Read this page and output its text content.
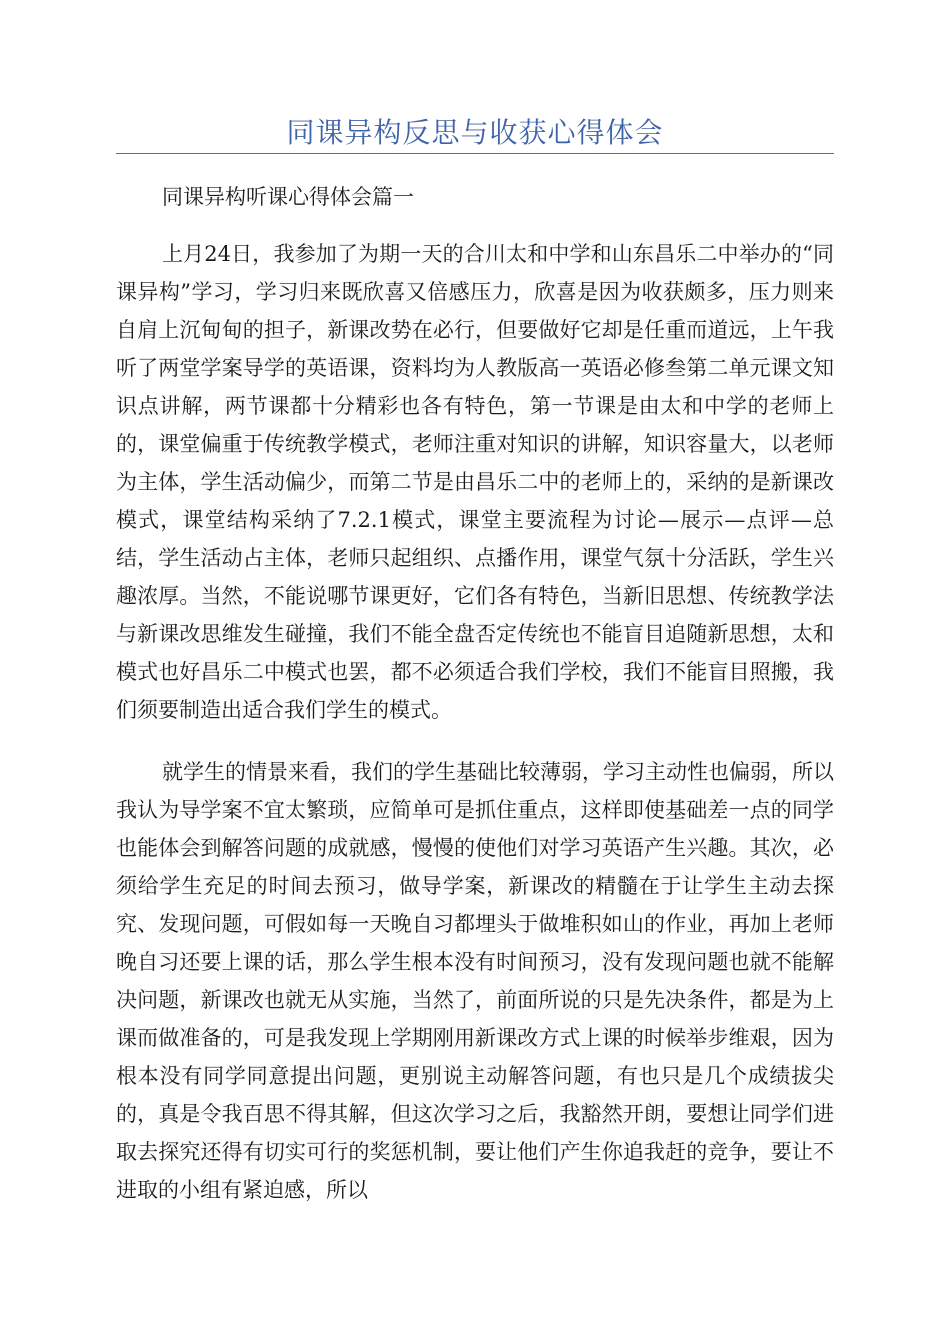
同课异构反思与收获心得体会

同课异构听课心得体会篇一

上月24日，我参加了为期一天的合川太和中学和山东昌乐二中举办的“同课异构”学习，学习归来既欣喜又倍感压力，欣喜是因为收获颇多，压力则来自肩上沉甸甸的担子，新课改势在必行，但要做好它却是任重而道远，上午我听了两堂学案导学的英语课，资料均为人教版高一英语必修叁第二单元课文知识点讲解，两节课都十分精彩也各有特色，第一节课是由太和中学的老师上的，课堂偏重于传统教学模式，老师注重对知识的讲解，知识容量大，以老师为主体，学生活动偏少，而第二节是由昌乐二中的老师上的，采纳的是新课改模式，课堂结构采纳了7.2.1模式，课堂主要流程为讨论—展示—点评—总结，学生活动占主体，老师只起组织、点播作用，课堂气氛十分活跃，学生兴趣浓厚。当然，不能说哪节课更好，它们各有特色，当新旧思想、传统教学法与新课改思维发生碰撞，我们不能全盘否定传统也不能盲目追随新思想，太和模式也好昌乐二中模式也罢，都不必须适合我们学校，我们不能盲目照搬，我们须要制造出适合我们学生的模式。

就学生的情景来看，我们的学生基础比较薄弱，学习主动性也偏弱，所以我认为导学案不宜太繁琐，应简单可是抓住重点，这样即使基础差一点的同学也能体会到解答问题的成就感，慢慢的使他们对学习英语产生兴趣。其次，必须给学生充足的时间去预习，做导学案，新课改的精髓在于让学生主动去探究、发现问题，可假如每一天晚自习都埋头于做堆积如山的作业，再加上老师晚自习还要上课的话，那么学生根本没有时间预习，没有发现问题也就不能解决问题，新课改也就无从实施，当然了，前面所说的只是先决条件，都是为上课而做准备的，可是我发现上学期刚用新课改方式上课的时候举步维艰，因为根本没有同学同意提出问题，更别说主动解答问题，有也只是几个成绩拔尖的，真是令我百思不得其解，但这次学习之后，我豁然开朗，要想让同学们进取去探究还得有切实可行的奖惩机制，要让他们产生你追我赶的竞争，要让不进取的小组有紧迫感，所以
